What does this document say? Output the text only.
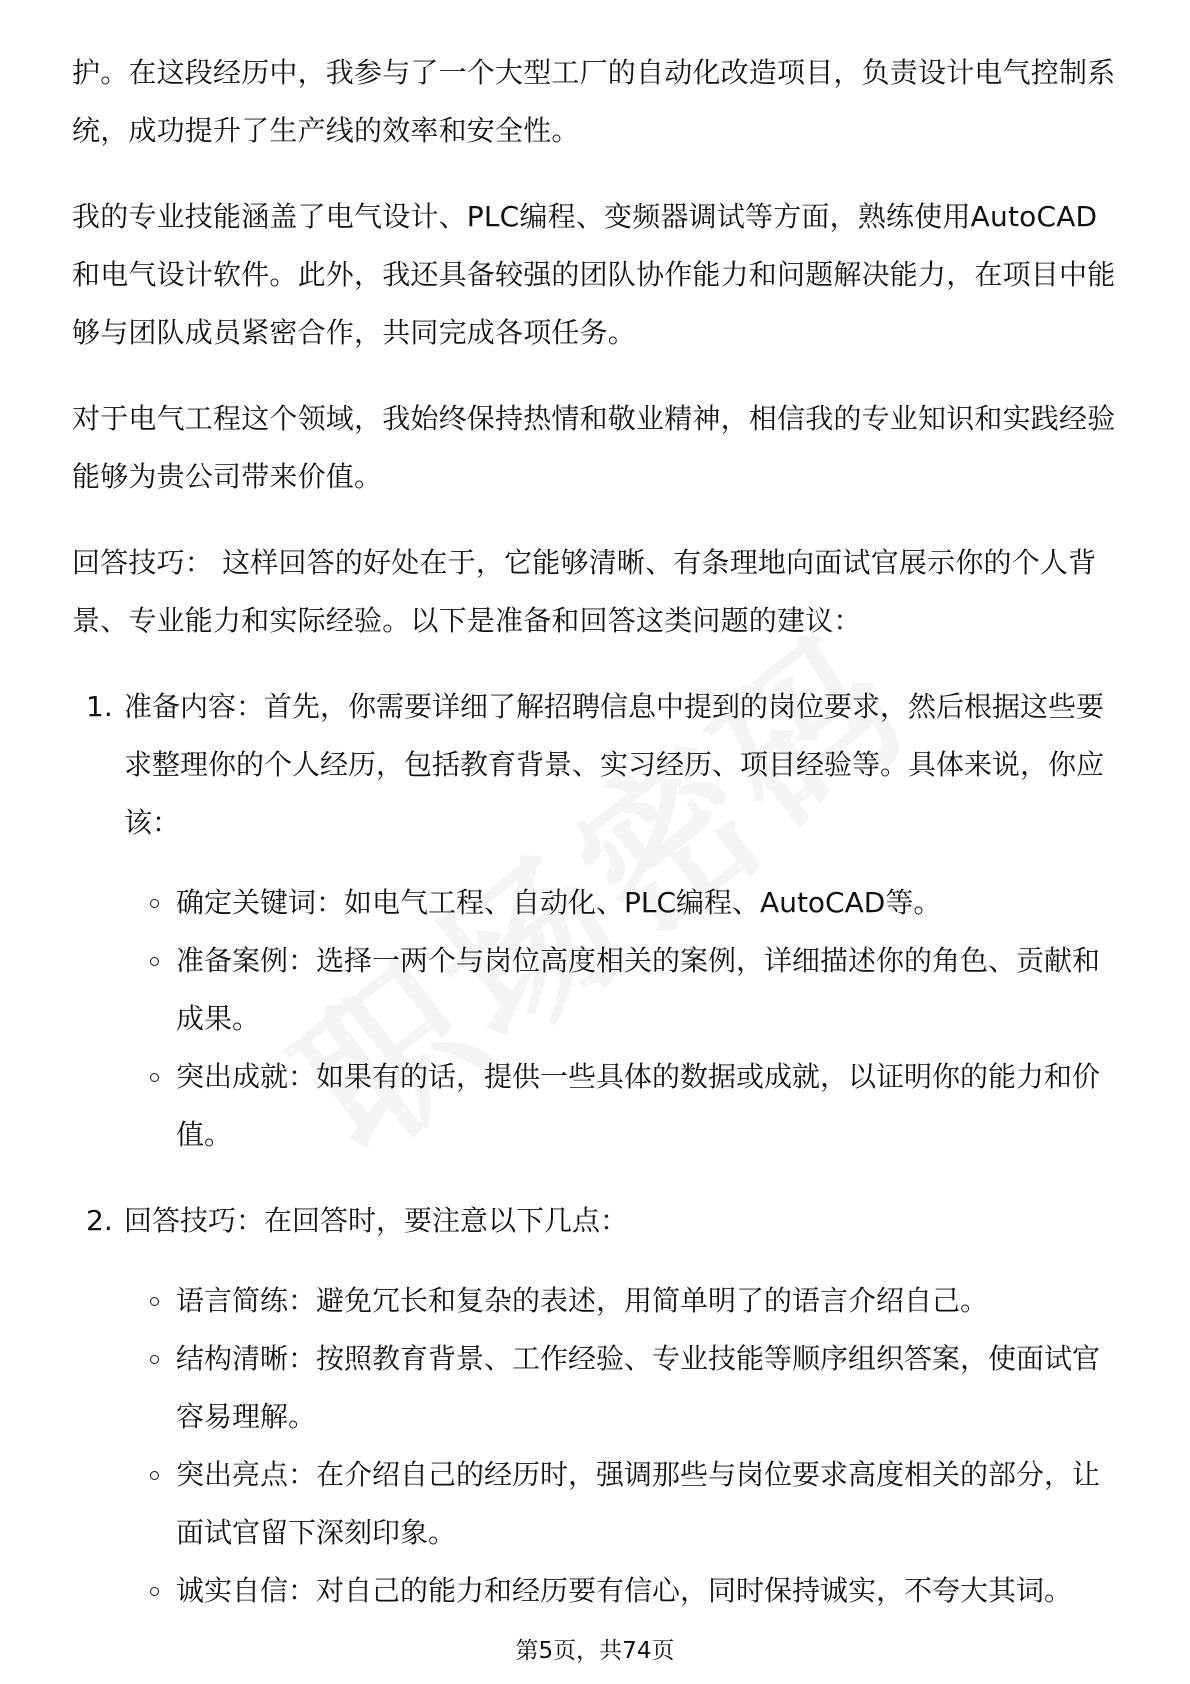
护。在这段经历中，我参与了一个大型工厂的自动化改造项目，负责设计电气控制系统，成功提升了生产线的效率和安全性。

我的专业技能涵盖了电气设计、PLC编程、变频器调试等方面，熟练使用AutoCAD和电气设计软件。此外，我还具备较强的团队协作能力和问题解决能力，在项目中能够与团队成员紧密合作，共同完成各项任务。

对于电气工程这个领域，我始终保持热情和敬业精神，相信我的专业知识和实践经验能够为贵公司带来价值。

回答技巧： 这样回答的好处在于，它能够清晰、有条理地向面试官展示你的个人背景、专业能力和实际经验。以下是准备和回答这类问题的建议：

1. 准备内容：首先，你需要详细了解招聘信息中提到的岗位要求，然后根据这些要求整理你的个人经历，包括教育背景、实习经历、项目经验等。具体来说，你应该：
确定关键词：如电气工程、自动化、PLC编程、AutoCAD等。
准备案例：选择一两个与岗位高度相关的案例，详细描述你的角色、贡献和成果。
突出成就：如果有的话，提供一些具体的数据或成就，以证明你的能力和价值。
2. 回答技巧：在回答时，要注意以下几点：
语言简练：避免冗长和复杂的表述，用简单明了的语言介绍自己。
结构清晰：按照教育背景、工作经验、专业技能等顺序组织答案，使面试官容易理解。
突出亮点：在介绍自己的经历时，强调那些与岗位要求高度相关的部分，让面试官留下深刻印象。
诚实自信：对自己的能力和经历要有信心，同时保持诚实，不夸大其词。
第5页，共74页
